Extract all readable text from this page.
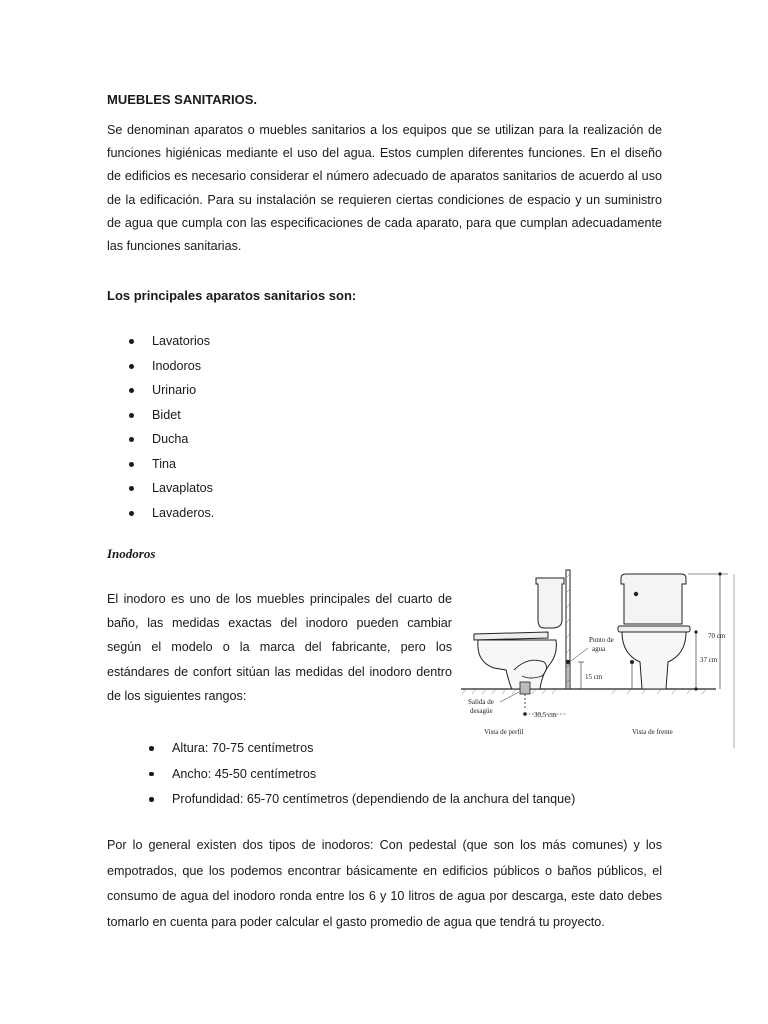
MUEBLES SANITARIOS.
Se denominan aparatos o muebles sanitarios a los equipos que se utilizan para la realización de funciones higiénicas mediante el uso del agua. Estos cumplen diferentes funciones. En el diseño de edificios es necesario considerar el número adecuado de aparatos sanitarios de acuerdo al uso de la edificación. Para su instalación se requieren ciertas condiciones de espacio y un suministro de agua que cumpla con las especificaciones de cada aparato, para que cumplan adecuadamente las funciones sanitarias.
Los principales aparatos sanitarios son:
Lavatorios
Inodoros
Urinario
Bidet
Ducha
Tina
Lavaplatos
Lavaderos.
Inodoros
El inodoro es uno de los muebles principales del cuarto de baño, las medidas exactas del inodoro pueden cambiar según el modelo o la marca del fabricante, pero los estándares de confort sitúan las medidas del inodoro dentro de los siguientes rangos:
15 cm
Punto de
agua
30,5 cm
Salida de
desagüe
37 cm
70 cm
Vista de perfil	Vista de frente
Altura: 70-75 centímetros
Ancho: 45-50 centímetros
Profundidad: 65-70 centímetros (dependiendo de la anchura del tanque)
Por lo general existen dos tipos de inodoros: Con pedestal (que son los más comunes) y los empotrados, que los podemos encontrar básicamente en edificios públicos o baños públicos, el consumo de agua del inodoro ronda entre los 6 y 10 litros de agua por descarga, este dato debes tomarlo en cuenta para poder calcular el gasto promedio de agua que tendrá tu proyecto.
